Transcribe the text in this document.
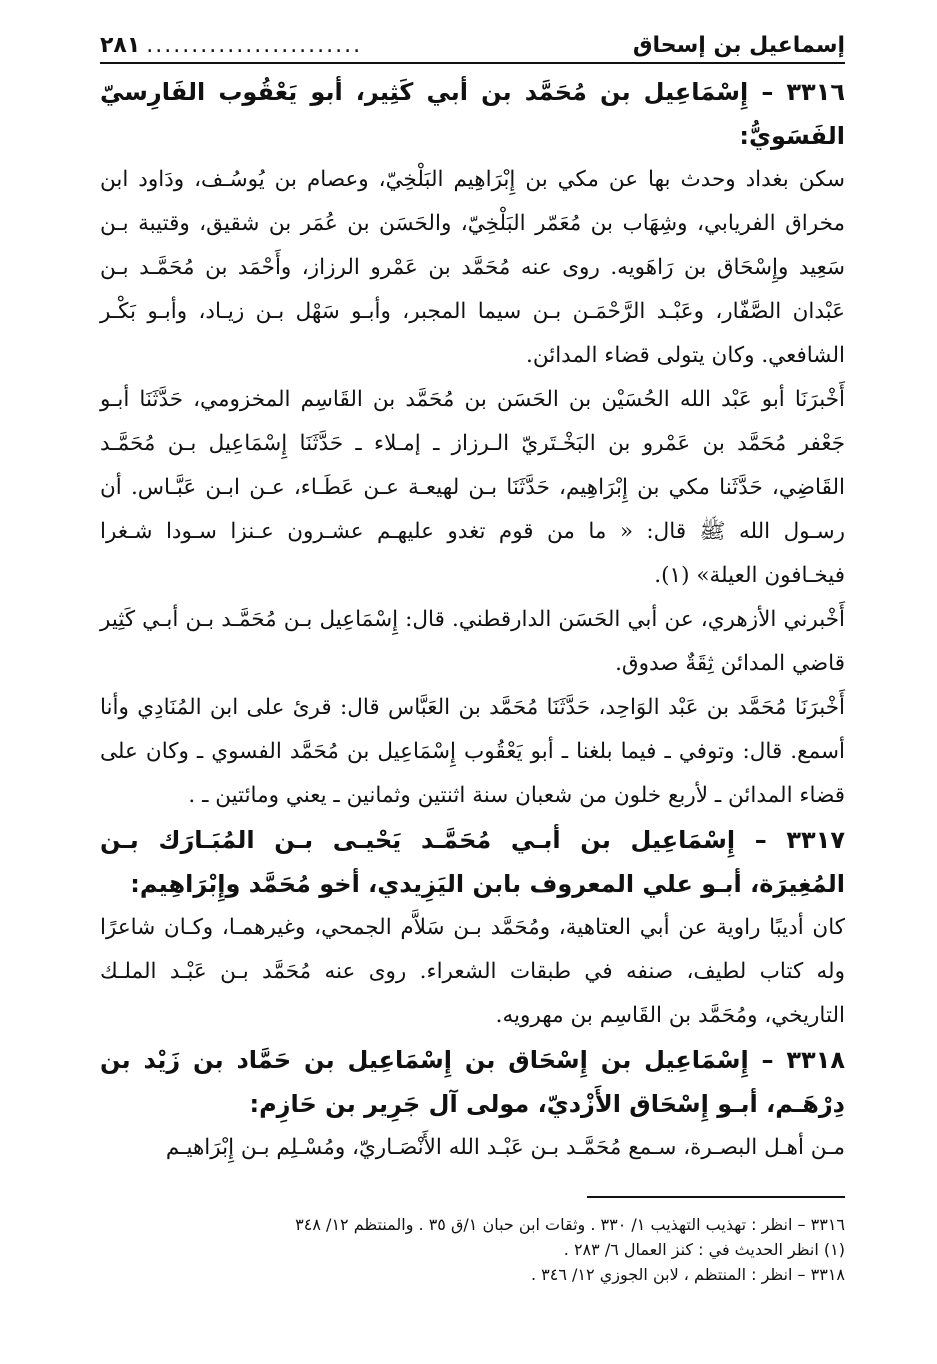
إسماعيل بن إسحاق
........................
٢٨١
٣٣١٦ – إِسْمَاعِيل بن مُحَمَّد بن أبي كَثِير، أبو يَعْقُوب الفَارِسيّ الفَسَويُّ:

سكن بغداد وحدث بها عن مكي بن إِبْرَاهِيم البَلْخِيّ، وعصام بن يُوسُـف، ودَاود ابن مخراق الفريابي، وشِهَاب بن مُعَمّر البَلْخِيّ، والحَسَن بن عُمَر بن شقيق، وقتيبة بـن سَعِيد وإِسْحَاق بن رَاهَويه. روى عنه مُحَمَّد بن عَمْرو الرزاز، وأَحْمَد بن مُحَمَّـد بـن عَبْدان الصَّفّار، وعَبْـد الرَّحْمَـن بـن سيما المجبر، وأبـو سَهْل بـن زيـاد، وأبـو بَكْـر الشافعي. وكان يتولى قضاء المدائن.

أَخْبرَنَا أبو عَبْد الله الحُسَيْن بن الحَسَن بن مُحَمَّد بن القَاسِم المخزومي، حَدَّثَنَا أبـو جَعْفر مُحَمَّد بن عَمْرو بن البَخْـتَريّ الـرزاز ـ إمـلاء ـ حَدَّثَنَا إِسْمَاعِيل بـن مُحَمَّـد القَاضِي، حَدَّثَنا مكي بن إِبْرَاهِيم، حَدَّثَنَا بـن لهيعـة عـن عَطَـاء، عـن ابـن عَبَّـاس. أن رسـول الله ﷺ قال: « ما من قوم تغدو عليهـم عشـرون عـنزا سـودا شـغرا فيخـافون العيلة» (١).

أَخْبرني الأزهري، عن أبي الحَسَن الدارقطني. قال: إِسْمَاعِيل بـن مُحَمَّـد بـن أبـي كَثِير قاضي المدائن ثِقَةٌ صدوق.

أَخْبرَنَا مُحَمَّد بن عَبْد الوَاحِد، حَدَّثَنَا مُحَمَّد بن العَبَّاس قال: قرئ على ابن المُنَادِي وأنا أسمع. قال: وتوفي ـ فيما بلغنا ـ أبو يَعْقُوب إِسْمَاعِيل بن مُحَمَّد الفسوي ـ وكان على قضاء المدائن ـ لأربع خلون من شعبان سنة اثنتين وثمانين ـ يعني ومائتين ـ .

٣٣١٧ – إِسْمَاعِيل بن أبـي مُحَمَّـد يَحْيـى بـن المُبَـارَك بـن المُغِيرَة، أبـو علي المعروف بابن اليَزِيدي، أخو مُحَمَّد وإِبْرَاهِيم:

كان أديبًا راوية عن أبي العتاهية، ومُحَمَّد بـن سَلاَّم الجمحي، وغيرهمـا، وكـان شاعرًا وله كتاب لطيف، صنفه في طبقات الشعراء. روى عنه مُحَمَّد بـن عَبْـد الملـك التاريخي، ومُحَمَّد بن القَاسِم بن مهرويه.

٣٣١٨ – إِسْمَاعِيل بن إِسْحَاق بن إِسْمَاعِيل بن حَمَّاد بن زَيْد بن دِرْهَـم، أبـو إِسْحَاق الأَزْديّ، مولى آل جَرِير بن حَازِم:

مـن أهـل البصـرة، سـمع مُحَمَّـد بـن عَبْـد الله الأَنْصَـاريّ، ومُسْـلِم بـن إِبْرَاهيـم

٣٣١٦ – انظر : تهذيب التهذيب ١/ ٣٣٠ . وثقات ابن حبان ١/ق ٣٥ . والمنتظم ١٢/ ٣٤٨

(١) انظر الحديث في : كنز العمال ٦/ ٢٨٣ .

٣٣١٨ – انظر : المنتظم ، لابن الجوزي ١٢/ ٣٤٦ .
